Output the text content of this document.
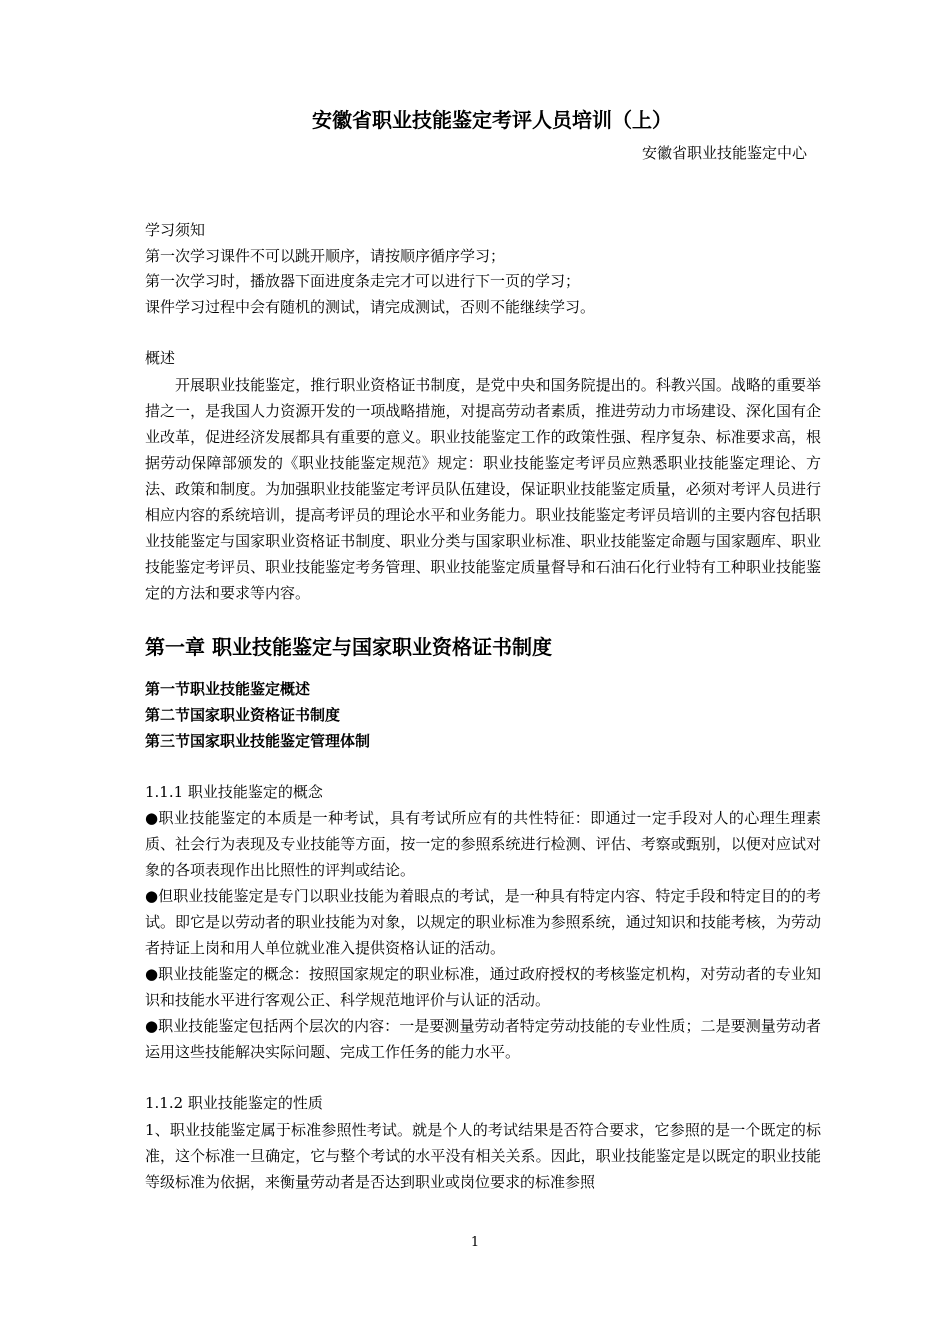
安徽省职业技能鉴定考评人员培训（上）
安徽省职业技能鉴定中心

学习须知

第一次学习课件不可以跳开顺序，请按顺序循序学习；

第一次学习时，播放器下面进度条走完才可以进行下一页的学习；

课件学习过程中会有随机的测试，请完成测试，否则不能继续学习。

概述

开展职业技能鉴定，推行职业资格证书制度，是党中央和国务院提出的。科教兴国。战略的重要举措之一，是我国人力资源开发的一项战略措施，对提高劳动者素质，推进劳动力市场建设、深化国有企业改革，促进经济发展都具有重要的意义。职业技能鉴定工作的政策性强、程序复杂、标准要求高，根据劳动保障部颁发的《职业技能鉴定规范》规定：职业技能鉴定考评员应熟悉职业技能鉴定理论、方法、政策和制度。为加强职业技能鉴定考评员队伍建设，保证职业技能鉴定质量，必须对考评人员进行相应内容的系统培训，提高考评员的理论水平和业务能力。职业技能鉴定考评员培训的主要内容包括职业技能鉴定与国家职业资格证书制度、职业分类与国家职业标准、职业技能鉴定命题与国家题库、职业技能鉴定考评员、职业技能鉴定考务管理、职业技能鉴定质量督导和石油石化行业特有工种职业技能鉴定的方法和要求等内容。

第一章 职业技能鉴定与国家职业资格证书制度

第一节职业技能鉴定概述

第二节国家职业资格证书制度

第三节国家职业技能鉴定管理体制

1.1.1 职业技能鉴定的概念

●职业技能鉴定的本质是一种考试，具有考试所应有的共性特征：即通过一定手段对人的心理生理素质、社会行为表现及专业技能等方面，按一定的参照系统进行检测、评估、考察或甄别，以便对应试对象的各项表现作出比照性的评判或结论。

●但职业技能鉴定是专门以职业技能为着眼点的考试，是一种具有特定内容、特定手段和特定目的的考试。即它是以劳动者的职业技能为对象，以规定的职业标准为参照系统，通过知识和技能考核，为劳动者持证上岗和用人单位就业准入提供资格认证的活动。

●职业技能鉴定的概念：按照国家规定的职业标准，通过政府授权的考核鉴定机构，对劳动者的专业知识和技能水平进行客观公正、科学规范地评价与认证的活动。

●职业技能鉴定包括两个层次的内容：一是要测量劳动者特定劳动技能的专业性质；二是要测量劳动者运用这些技能解决实际问题、完成工作任务的能力水平。

1.1.2 职业技能鉴定的性质

1、职业技能鉴定属于标准参照性考试。就是个人的考试结果是否符合要求，它参照的是一个既定的标准，这个标准一旦确定，它与整个考试的水平没有相关关系。因此，职业技能鉴定是以既定的职业技能等级标准为依据，来衡量劳动者是否达到职业或岗位要求的标准参照

1
